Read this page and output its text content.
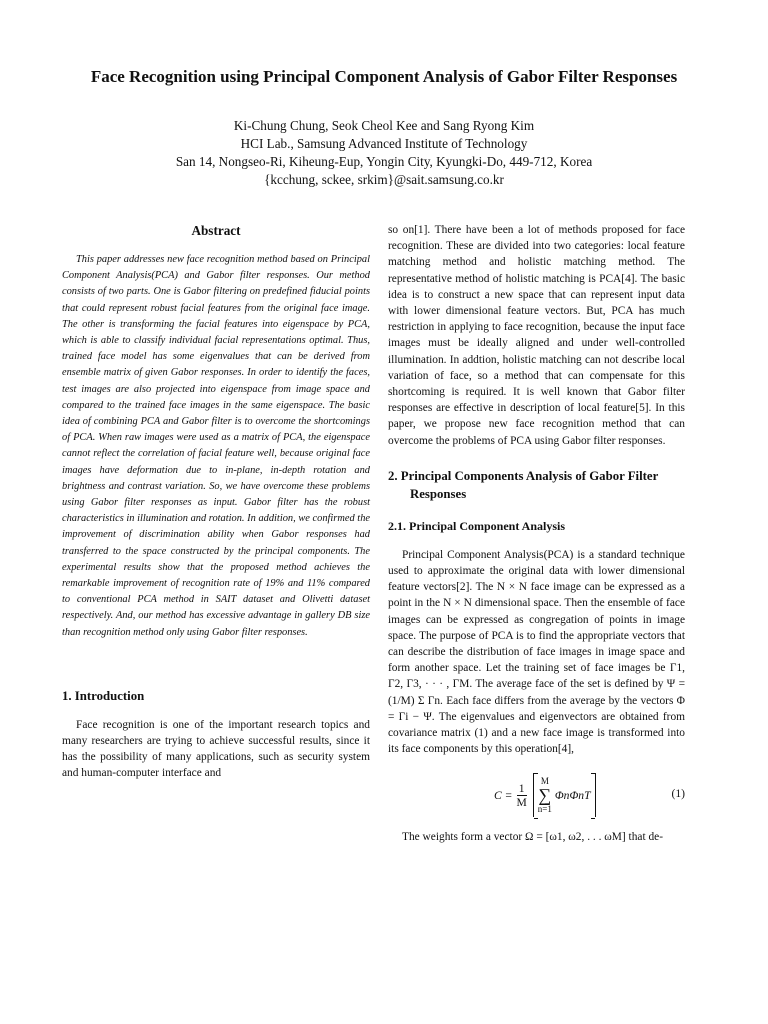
Face Recognition using Principal Component Analysis of Gabor Filter Responses
Ki-Chung Chung, Seok Cheol Kee and Sang Ryong Kim
HCI Lab., Samsung Advanced Institute of Technology
San 14, Nongseo-Ri, Kiheung-Eup, Yongin City, Kyungki-Do, 449-712, Korea
{kcchung, sckee, srkim}@sait.samsung.co.kr
Abstract

This paper addresses new face recognition method based on Principal Component Analysis(PCA) and Gabor filter responses. Our method consists of two parts. One is Gabor filtering on predefined fiducial points that could represent robust facial features from the original face image. The other is transforming the facial features into eigenspace by PCA, which is able to classify individual facial representations optimal. Thus, trained face model has some eigenvalues that can be derived from ensemble matrix of given Gabor responses. In order to identify the faces, test images are also projected into eigenspace from image space and compared to the trained face images in the same eigenspace. The basic idea of combining PCA and Gabor filter is to overcome the shortcomings of PCA. When raw images were used as a matrix of PCA, the eigenspace cannot reflect the correlation of facial feature well, because original face images have deformation due to in-plane, in-depth rotation and brightness and contrast variation. So, we have overcome these problems using Gabor filter responses as input. Gabor filter has the robust characteristics in illumination and rotation. In addition, we confirmed the improvement of discrimination ability when Gabor responses had transferred to the space constructed by the principal components. The experimental results show that the proposed method achieves the remarkable improvement of recognition rate of 19% and 11% compared to conventional PCA method in SAIT dataset and Olivetti dataset respectively. And, our method has excessive advantage in gallery DB size than recognition method only using Gabor filter responses.

1. Introduction

Face recognition is one of the important research topics and many researchers are trying to achieve successful results, since it has the possibility of many applications, such as security system and human-computer interface and

so on[1]. There have been a lot of methods proposed for face recognition. These are divided into two categories: local feature matching method and holistic matching method. The representative method of holistic matching is PCA[4]. The basic idea is to construct a new space that can represent input data with lower dimensional feature vectors. But, PCA has much restriction in applying to face recognition, because the input face images must be ideally aligned and under well-controlled illumination. In addtion, holistic matching can not describe local variation of face, so a method that can compensate for this shortcoming is required. It is well known that Gabor filter responses are effective in description of local feature[5]. In this paper, we propose new face recognition method that can overcome the problems of PCA using Gabor filter responses.

2. Principal Components Analysis of Gabor Filter Responses
2.1. Principal Component Analysis

Principal Component Analysis(PCA) is a standard technique used to approximate the original data with lower dimensional feature vectors[2]. The N × N face image can be expressed as a point in the N × N dimensional space. Then the ensemble of face images can be expressed as congregation of points in image space. The purpose of PCA is to find the appropriate vectors that can describe the distribution of face images in image space and form another space. Let the training set of face images be Γ1, Γ2, Γ3, · · · , ΓM. The average face of the set is defined by Ψ = (1/M) Σ Γn. Each face differs from the average by the vectors Φ = Γi − Ψ. The eigenvalues and eigenvectors are obtained from covariance matrix (1) and a new face image is transformed into its face components by this operation[4],

$C = \frac{1}{M}$
M
∑
n=1
ΦnΦnT	(1)

The weights form a vector Ω = [ω1, ω2, . . . ωM] that de-
